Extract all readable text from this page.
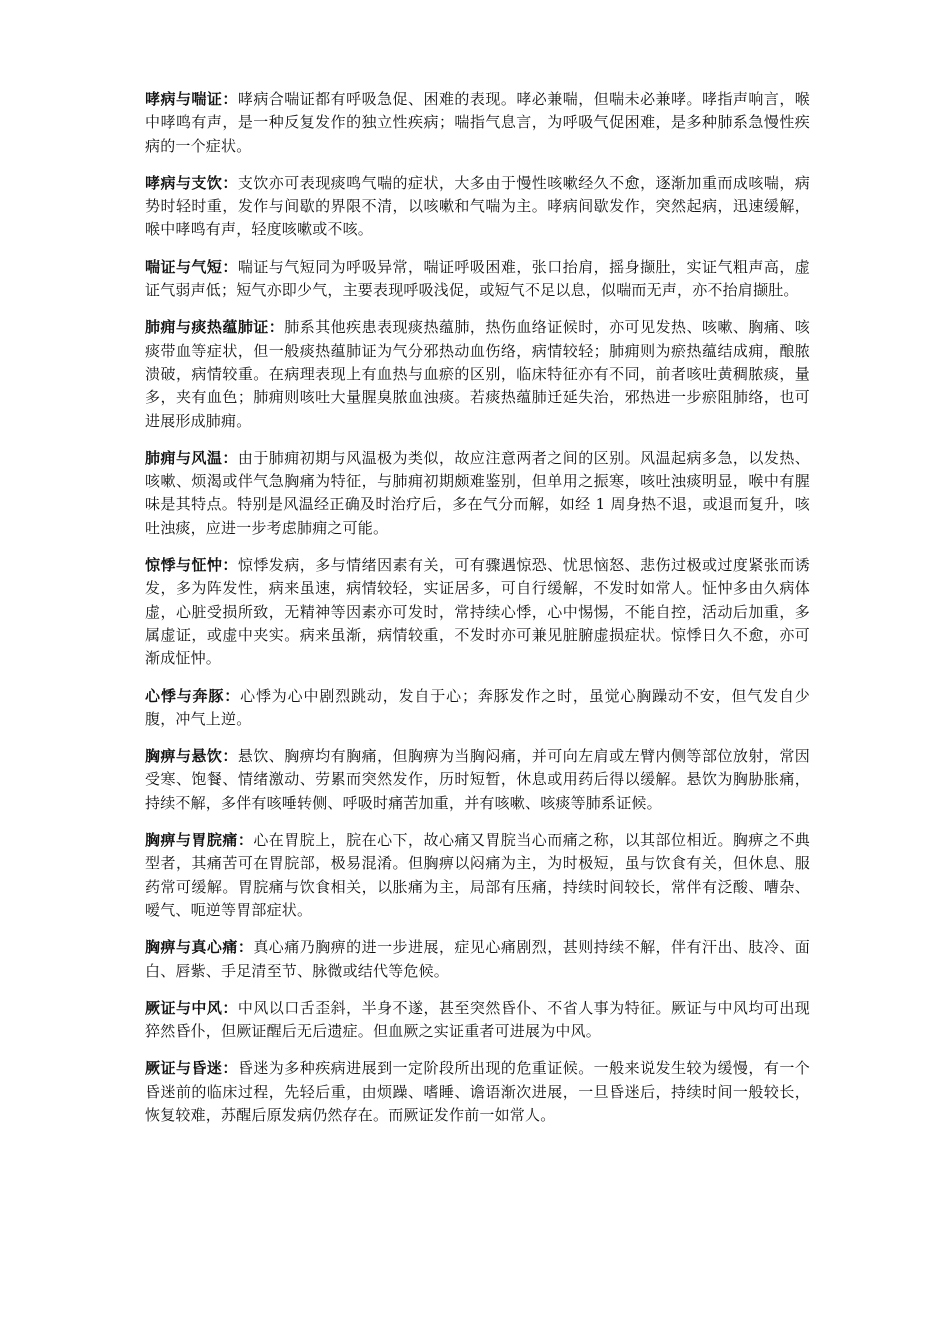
哮病与喘证：哮病合喘证都有呼吸急促、困难的表现。哮必兼喘，但喘未必兼哮。哮指声响言，喉中哮鸣有声，是一种反复发作的独立性疾病；喘指气息言，为呼吸气促困难，是多种肺系急慢性疾病的一个症状。

哮病与支饮：支饮亦可表现痰鸣气喘的症状，大多由于慢性咳嗽经久不愈，逐渐加重而成咳喘，病势时轻时重，发作与间歇的界限不清，以咳嗽和气喘为主。哮病间歇发作，突然起病，迅速缓解，喉中哮鸣有声，轻度咳嗽或不咳。

喘证与气短：喘证与气短同为呼吸异常，喘证呼吸困难，张口抬肩，摇身撷肚，实证气粗声高，虚证气弱声低；短气亦即少气，主要表现呼吸浅促，或短气不足以息，似喘而无声，亦不抬肩撷肚。

肺痈与痰热蕴肺证：肺系其他疾患表现痰热蕴肺，热伤血络证候时，亦可见发热、咳嗽、胸痛、咳痰带血等症状，但一般痰热蕴肺证为气分邪热动血伤络，病情较轻；肺痈则为瘀热蕴结成痈，酿脓溃破，病情较重。在病理表现上有血热与血瘀的区别，临床特征亦有不同，前者咳吐黄稠脓痰，量多，夹有血色；肺痈则咳吐大量腥臭脓血浊痰。若痰热蕴肺迁延失治，邪热进一步瘀阻肺络，也可进展形成肺痈。

肺痈与风温：由于肺痈初期与风温极为类似，故应注意两者之间的区别。风温起病多急，以发热、咳嗽、烦渴或伴气急胸痛为特征，与肺痈初期颇难鉴别，但单用之振寒，咳吐浊痰明显，喉中有腥味是其特点。特别是风温经正确及时治疗后，多在气分而解，如经 1 周身热不退，或退而复升，咳吐浊痰，应进一步考虑肺痈之可能。

惊悸与怔忡：惊悸发病，多与情绪因素有关，可有骤遇惊恐、忧思恼怒、悲伤过极或过度紧张而诱发，多为阵发性，病来虽速，病情较轻，实证居多，可自行缓解，不发时如常人。怔忡多由久病体虚，心脏受损所致，无精神等因素亦可发时，常持续心悸，心中惕惕，不能自控，活动后加重，多属虚证，或虚中夹实。病来虽渐，病情较重，不发时亦可兼见脏腑虚损症状。惊悸日久不愈，亦可渐成怔忡。

心悸与奔豚：心悸为心中剧烈跳动，发自于心；奔豚发作之时，虽觉心胸躁动不安，但气发自少腹，冲气上逆。

胸痹与悬饮：悬饮、胸痹均有胸痛，但胸痹为当胸闷痛，并可向左肩或左臂内侧等部位放射，常因受寒、饱餐、情绪激动、劳累而突然发作，历时短暂，休息或用药后得以缓解。悬饮为胸胁胀痛，持续不解，多伴有咳唾转侧、呼吸时痛苦加重，并有咳嗽、咳痰等肺系证候。

胸痹与胃脘痛：心在胃脘上，脘在心下，故心痛又胃脘当心而痛之称，以其部位相近。胸痹之不典型者，其痛苦可在胃脘部，极易混淆。但胸痹以闷痛为主，为时极短，虽与饮食有关，但休息、服药常可缓解。胃脘痛与饮食相关，以胀痛为主，局部有压痛，持续时间较长，常伴有泛酸、嘈杂、嗳气、呃逆等胃部症状。

胸痹与真心痛：真心痛乃胸痹的进一步进展，症见心痛剧烈，甚则持续不解，伴有汗出、肢冷、面白、唇紫、手足清至节、脉微或结代等危候。

厥证与中风：中风以口舌歪斜，半身不遂，甚至突然昏仆、不省人事为特征。厥证与中风均可出现猝然昏仆，但厥证醒后无后遗症。但血厥之实证重者可进展为中风。

厥证与昏迷：昏迷为多种疾病进展到一定阶段所出现的危重证候。一般来说发生较为缓慢，有一个昏迷前的临床过程，先轻后重，由烦躁、嗜睡、谵语渐次进展，一旦昏迷后，持续时间一般较长，恢复较难，苏醒后原发病仍然存在。而厥证发作前一如常人。
